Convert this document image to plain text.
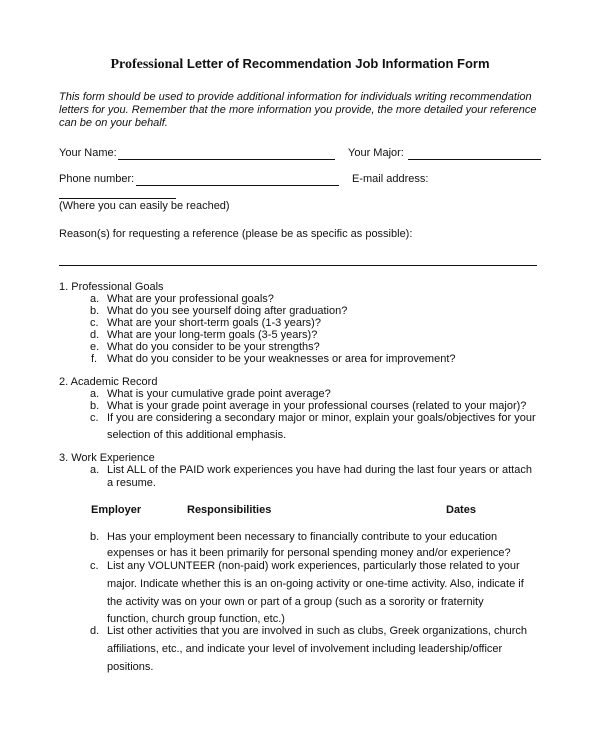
Professional Letter of Recommendation Job Information Form
This form should be used to provide additional information for individuals writing recommendation letters for you. Remember that the more information you provide, the more detailed your reference can be on your behalf.
Your Name:	Your Major:
Phone number:	E-mail address:
(Where you can easily be reached)
Reason(s) for requesting a reference (please be as specific as possible):
1. Professional Goals
a. What are your professional goals?
b. What do you see yourself doing after graduation?
c. What are your short-term goals (1-3 years)?
d. What are your long-term goals (3-5 years)?
e. What do you consider to be your strengths?
f. What do you consider to be your weaknesses or area for improvement?
2. Academic Record
a. What is your cumulative grade point average?
b. What is your grade point average in your professional courses (related to your major)?
c. If you are considering a secondary major or minor, explain your goals/objectives for your
selection of this additional emphasis.
3. Work Experience
a. List ALL of the PAID work experiences you have had during the last four years or attach
a resume.
Employer	Responsibilities	Dates
b. Has your employment been necessary to financially contribute to your education
expenses or has it been primarily for personal spending money and/or experience?
c. List any VOLUNTEER (non-paid) work experiences, particularly those related to your
major. Indicate whether this is an on-going activity or one-time activity. Also, indicate if
the activity was on your own or part of a group (such as a sorority or fraternity
function, church group function, etc.)
d. List other activities that you are involved in such as clubs, Greek organizations, church
affiliations, etc., and indicate your level of involvement including leadership/officer
positions.
